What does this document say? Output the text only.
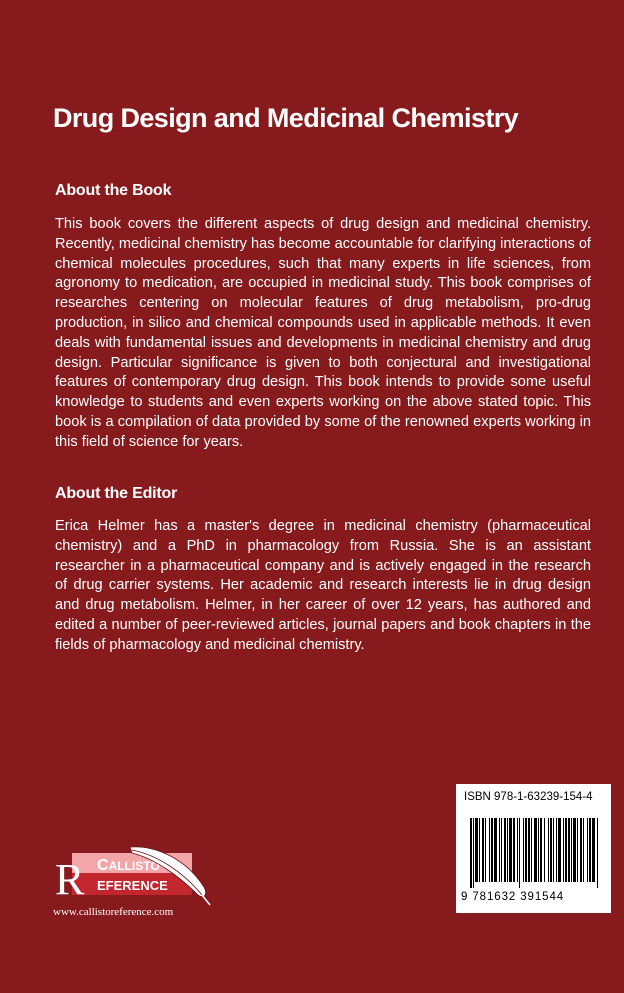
Drug Design and Medicinal Chemistry
About the Book

This book covers the different aspects of drug design and medicinal chemistry. Recently, medicinal chemistry has become accountable for clarifying interactions of chemical molecules procedures, such that many experts in life sciences, from agronomy to medication, are occupied in medicinal study. This book comprises of researches centering on molecular features of drug metabolism, pro-drug production, in silico and chemical compounds used in applicable methods. It even deals with fundamental issues and developments in medicinal chemistry and drug design. Particular significance is given to both conjectural and investigational features of contemporary drug design. This book intends to provide some useful knowledge to students and even experts working on the above stated topic. This book is a compilation of data provided by some of the renowned experts working in this field of science for years.

About the Editor

Erica Helmer has a master's degree in medicinal chemistry (pharmaceutical chemistry) and a PhD in pharmacology from Russia. She is an assistant researcher in a pharmaceutical company and is actively engaged in the research of drug carrier systems. Her academic and research interests lie in drug design and drug metabolism. Helmer, in her career of over 12 years, has authored and edited a number of peer-reviewed articles, journal papers and book chapters in the fields of pharmacology and medicinal chemistry.

ISBN 978-1-63239-154-4
9 781632 391544
R CALLISTO
EFERENCE
www.callistoreference.com
